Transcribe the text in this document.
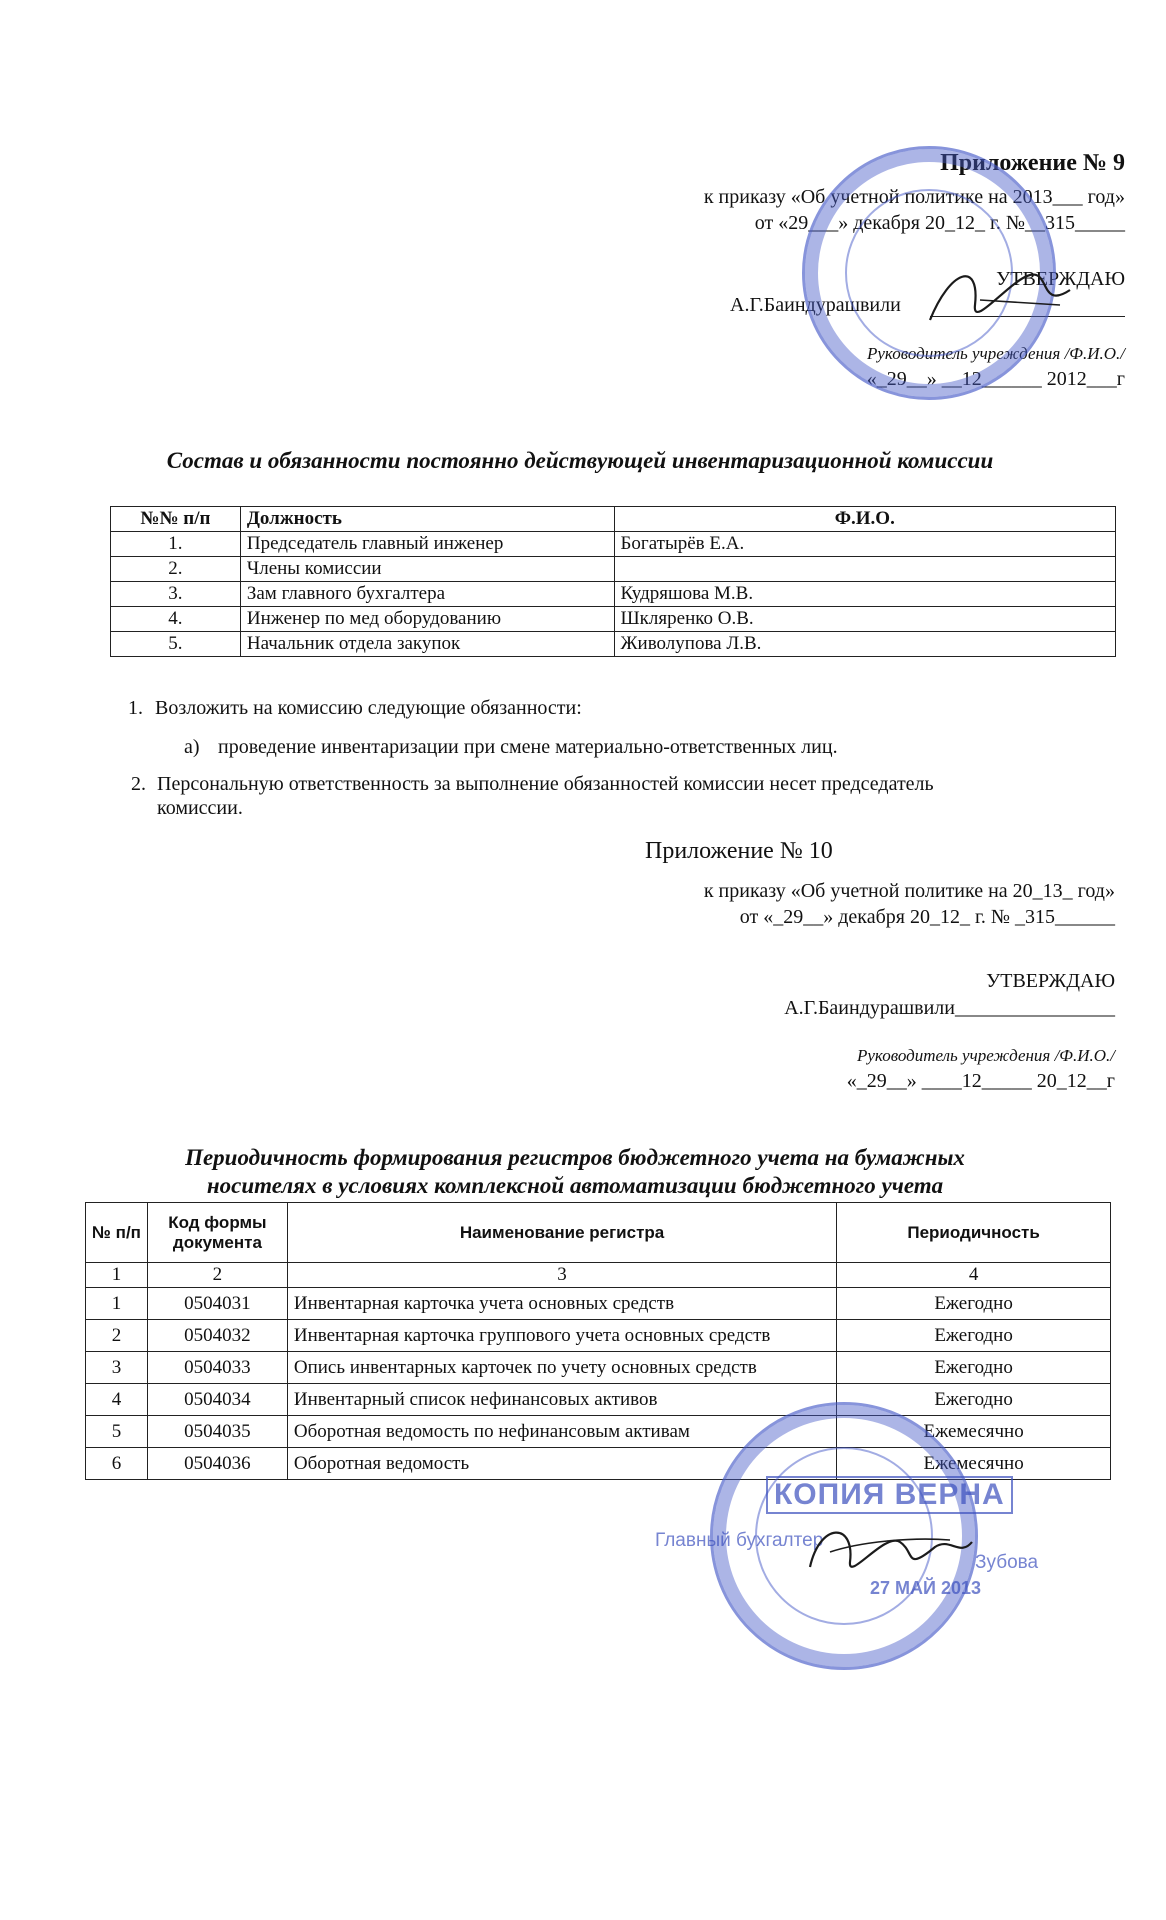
Приложение № 9
к приказу «Об учетной политике на 2013___ год»
от «29___» декабря 20_12_ г. №__315_____
УТВЕРЖДАЮ
А.Г.Баиндурашвили
Руководитель учреждения /Ф.И.О./
«_29__» __12______ 2012___г
Состав и обязанности постоянно действующей инвентаризационной комиссии
№№ п/п	Должность	Ф.И.О.
1.	Председатель главный инженер	Богатырёв Е.А.
2.	Члены комиссии	
3.	Зам главного бухгалтера	Кудряшова М.В.
4.	Инженер по мед оборудованию	Шкляренко О.В.
5.	Начальник отдела закупок	Живолупова Л.В.
1. Возложить на комиссию следующие обязанности:
а) проведение инвентаризации при смене материально-ответственных лиц.
2. Персональную ответственность за выполнение обязанностей комиссии несет председатель
комиссии.
Приложение № 10
к приказу «Об учетной политике на 20_13_ год»
от «_29__» декабря 20_12_ г. № _315______
УТВЕРЖДАЮ
А.Г.Баиндурашвили________________
Руководитель учреждения /Ф.И.О./
«_29__» ____12_____ 20_12__г
Периодичность формирования регистров бюджетного учета на бумажных
носителях в условиях комплексной автоматизации бюджетного учета
№ п/п	Код формы документа	Наименование регистра	Периодичность
1	2	3	4
1	0504031	Инвентарная карточка учета основных средств	Ежегодно
2	0504032	Инвентарная карточка группового учета основных средств	Ежегодно
3	0504033	Опись инвентарных карточек по учету основных средств	Ежегодно
4	0504034	Инвентарный список нефинансовых активов	Ежегодно
5	0504035	Оборотная ведомость по нефинансовым активам	Ежемесячно
6	0504036	Оборотная ведомость	Ежемесячно
КОПИЯ ВЕРНА
Главный бухгалтер
Зубова
27 МАЙ 2013
